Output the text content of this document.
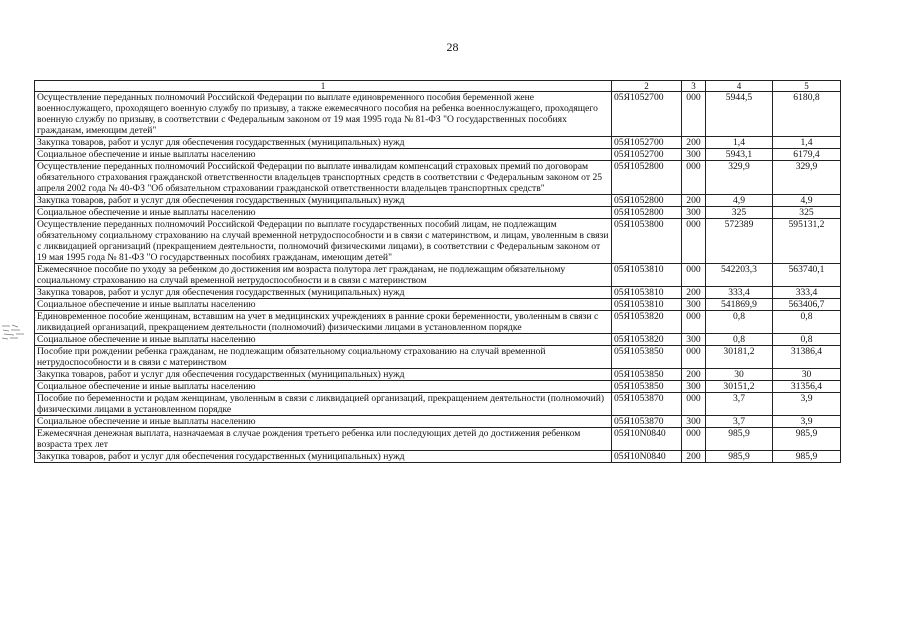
28
1	2	3	4	5
Осуществление переданных полномочий Российской Федерации по выплате единовременного пособия беременной жене военнослужащего, проходящего военную службу по призыву, а также ежемесячного пособия на ребенка военнослужащего, проходящего военную службу по призыву, в соответствии с Федеральным законом от 19 мая 1995 года № 81-ФЗ "О государственных пособиях гражданам, имеющим детей"	05Я1052700	000	5944,5	6180,8
Закупка товаров, работ и услуг для обеспечения государственных (муниципальных) нужд	05Я1052700	200	1,4	1,4
Социальное обеспечение и иные выплаты населению	05Я1052700	300	5943,1	6179,4
Осуществление переданных полномочий Российской Федерации по выплате инвалидам компенсаций страховых премий по договорам обязательного страхования гражданской ответственности владельцев транспортных средств в соответствии с Федеральным законом от 25 апреля 2002 года № 40-ФЗ "Об обязательном страховании гражданской ответственности владельцев транспортных средств"	05Я1052800	000	329,9	329,9
Закупка товаров, работ и услуг для обеспечения государственных (муниципальных) нужд	05Я1052800	200	4,9	4,9
Социальное обеспечение и иные выплаты населению	05Я1052800	300	325	325
Осуществление переданных полномочий Российской Федерации по выплате государственных пособий лицам, не подлежащим обязательному социальному страхованию на случай временной нетрудоспособности и в связи с материнством, и лицам, уволенным в связи с ликвидацией организаций (прекращением деятельности, полномочий физическими лицами), в соответствии с Федеральным законом от 19 мая 1995 года № 81-ФЗ "О государственных пособиях гражданам, имеющим детей"	05Я1053800	000	572389	595131,2
Ежемесячное пособие по уходу за ребенком до достижения им возраста полутора лет гражданам, не подлежащим обязательному социальному страхованию на случай временной нетрудоспособности и в связи с материнством	05Я1053810	000	542203,3	563740,1
Закупка товаров, работ и услуг для обеспечения государственных (муниципальных) нужд	05Я1053810	200	333,4	333,4
Социальное обеспечение и иные выплаты населению	05Я1053810	300	541869,9	563406,7
Единовременное пособие женщинам, вставшим на учет в медицинских учреждениях в ранние сроки беременности, уволенным в связи с ликвидацией организаций, прекращением деятельности (полномочий) физическими лицами в установленном порядке	05Я1053820	000	0,8	0,8
Социальное обеспечение и иные выплаты населению	05Я1053820	300	0,8	0,8
Пособие при рождении ребенка гражданам, не подлежащим обязательному социальному страхованию на случай временной нетрудоспособности и в связи с материнством	05Я1053850	000	30181,2	31386,4
Закупка товаров, работ и услуг для обеспечения государственных (муниципальных) нужд	05Я1053850	200	30	30
Социальное обеспечение и иные выплаты населению	05Я1053850	300	30151,2	31356,4
Пособие по беременности и родам женщинам, уволенным в связи с ликвидацией организаций, прекращением деятельности (полномочий) физическими лицами в установленном порядке	05Я1053870	000	3,7	3,9
Социальное обеспечение и иные выплаты населению	05Я1053870	300	3,7	3,9
Ежемесячная денежная выплата, назначаемая в случае рождения третьего ребенка или последующих детей до достижения ребенком возраста трех лет	05Я10N0840	000	985,9	985,9
Закупка товаров, работ и услуг для обеспечения государственных (муниципальных) нужд	05Я10N0840	200	985,9	985,9
